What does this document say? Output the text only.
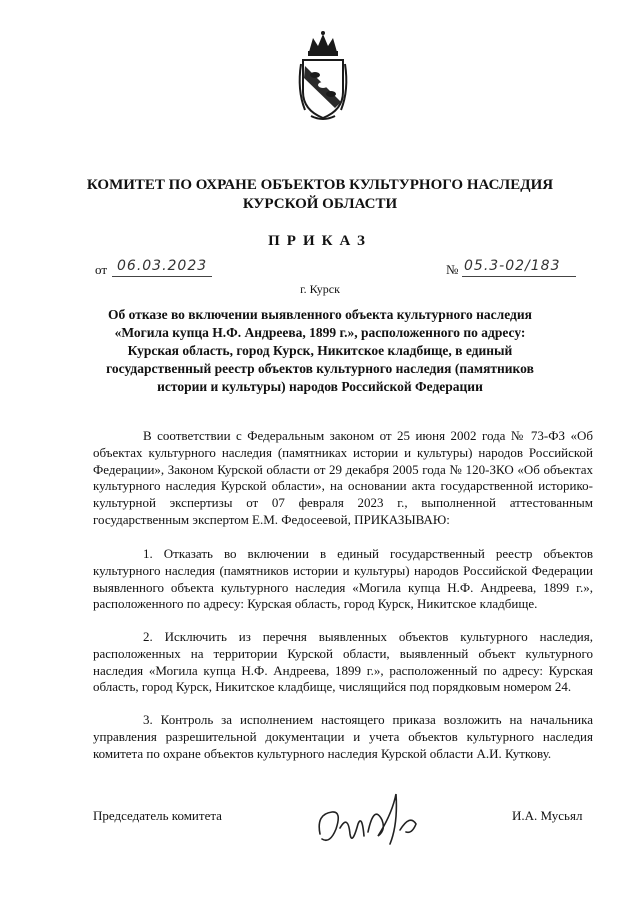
КОМИТЕТ ПО ОХРАНЕ ОБЪЕКТОВ КУЛЬТУРНОГО НАСЛЕДИЯ
КУРСКОЙ ОБЛАСТИ
ПРИКАЗ
от 06.03.2023	№ 05.3-02/183
г. Курск
Об отказе во включении выявленного объекта культурного наследия «Могила купца Н.Ф. Андреева, 1899 г.», расположенного по адресу: Курская область, город Курск, Никитское кладбище, в единый государственный реестр объектов культурного наследия (памятников истории и культуры) народов Российской Федерации

В соответствии с Федеральным законом от 25 июня 2002 года № 73-ФЗ «Об объектах культурного наследия (памятниках истории и культуры) народов Российской Федерации», Законом Курской области от 29 декабря 2005 года № 120-ЗКО «Об объектах культурного наследия Курской области», на основании акта государственной историко-культурной экспертизы от 07 февраля 2023 г., выполненной аттестованным государственным экспертом Е.М. Федосеевой, ПРИКАЗЫВАЮ:

1. Отказать во включении в единый государственный реестр объектов культурного наследия (памятников истории и культуры) народов Российской Федерации выявленного объекта культурного наследия «Могила купца Н.Ф. Андреева, 1899 г.», расположенного по адресу: Курская область, город Курск, Никитское кладбище.

2. Исключить из перечня выявленных объектов культурного наследия, расположенных на территории Курской области, выявленный объект культурного наследия «Могила купца Н.Ф. Андреева, 1899 г.», расположенный по адресу: Курская область, город Курск, Никитское кладбище, числящийся под порядковым номером 24.

3. Контроль за исполнением настоящего приказа возложить на начальника управления разрешительной документации и учета объектов культурного наследия комитета по охране объектов культурного наследия Курской области А.И. Куткову.

Председатель комитета	И.А. Мусьял
